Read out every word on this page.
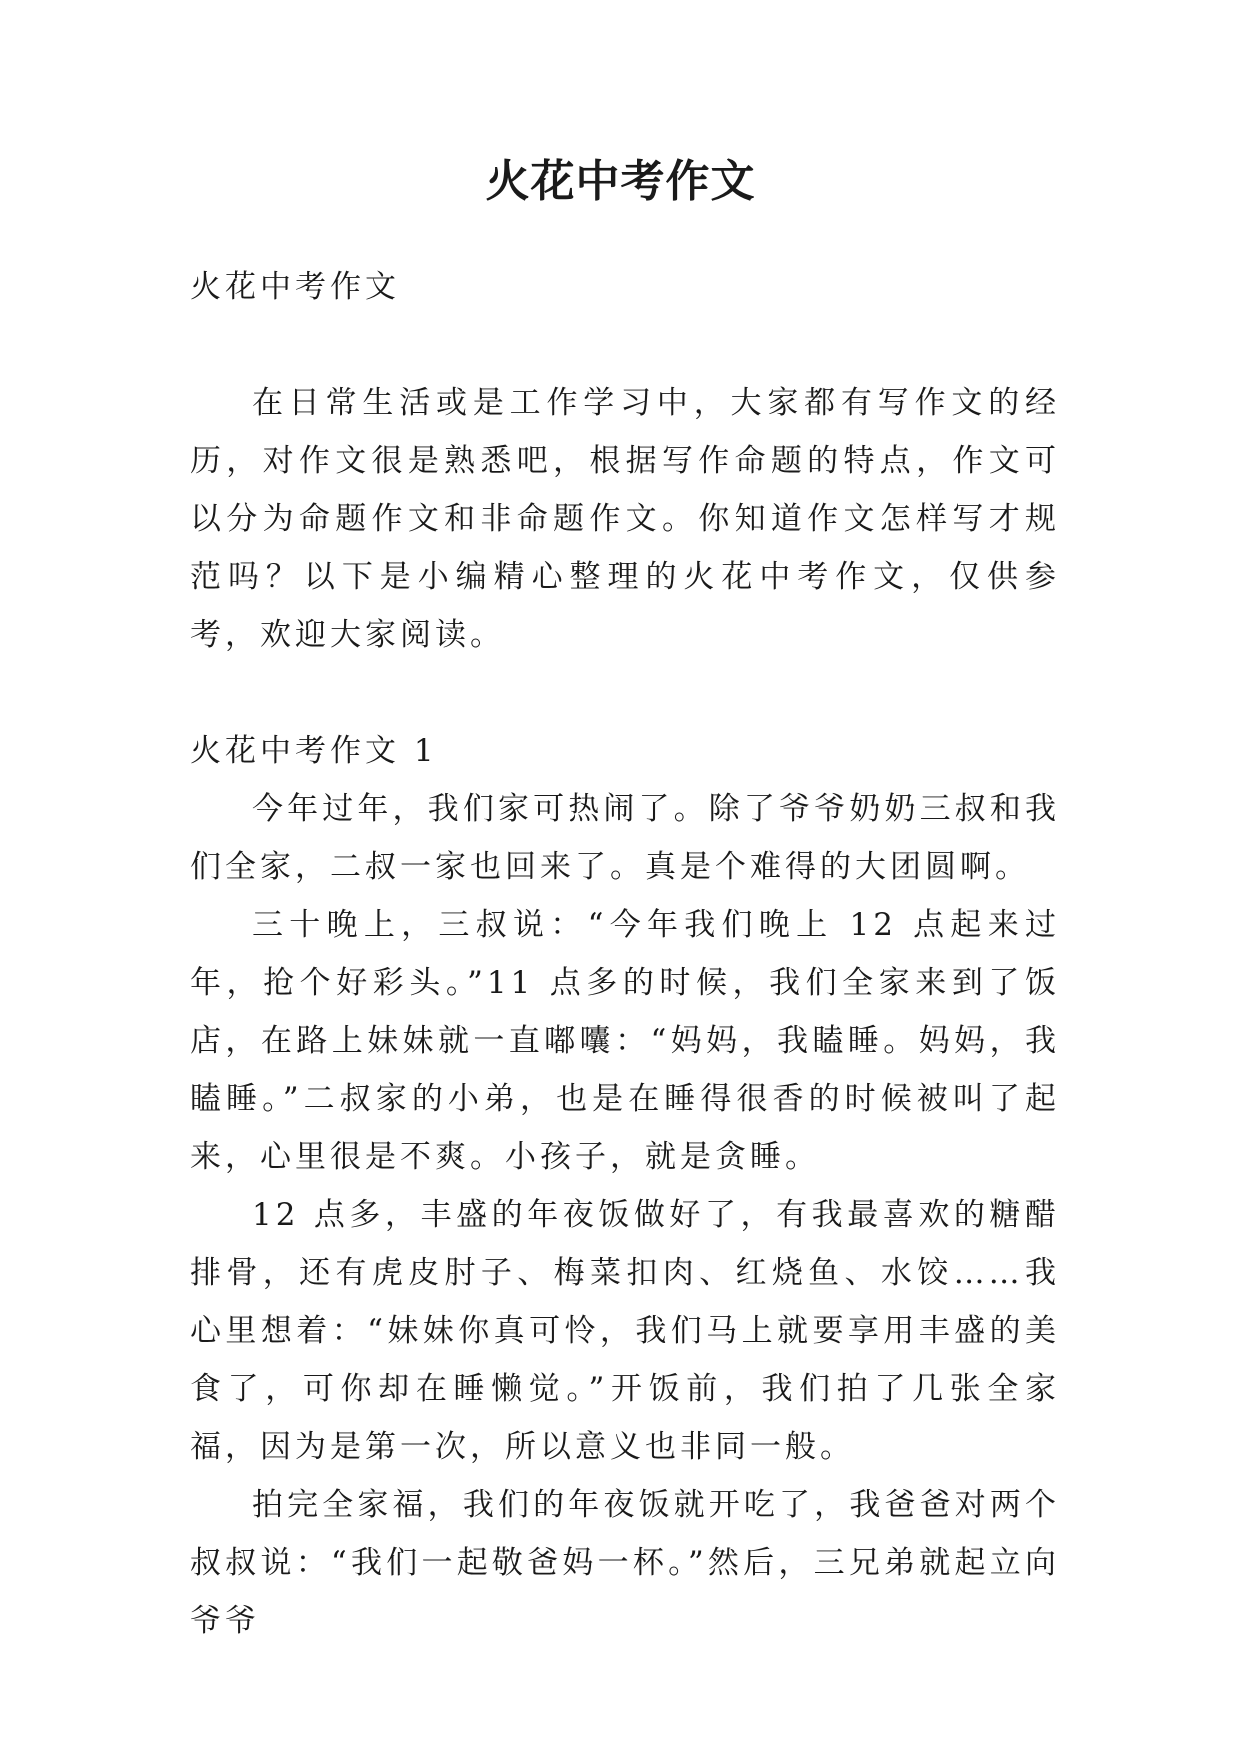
火花中考作文

火花中考作文

在日常生活或是工作学习中，大家都有写作文的经历，对作文很是熟悉吧，根据写作命题的特点，作文可以分为命题作文和非命题作文。你知道作文怎样写才规范吗？以下是小编精心整理的火花中考作文，仅供参考，欢迎大家阅读。

火花中考作文 1

今年过年，我们家可热闹了。除了爷爷奶奶三叔和我们全家，二叔一家也回来了。真是个难得的大团圆啊。

三十晚上，三叔说：“今年我们晚上 12 点起来过年，抢个好彩头。”11 点多的时候，我们全家来到了饭店，在路上妹妹就一直嘟囔：“妈妈，我瞌睡。妈妈，我瞌睡。”二叔家的小弟，也是在睡得很香的时候被叫了起来，心里很是不爽。小孩子，就是贪睡。

12 点多，丰盛的年夜饭做好了，有我最喜欢的糖醋排骨，还有虎皮肘子、梅菜扣肉、红烧鱼、水饺……我心里想着：“妹妹你真可怜，我们马上就要享用丰盛的美食了，可你却在睡懒觉。”开饭前，我们拍了几张全家福，因为是第一次，所以意义也非同一般。

拍完全家福，我们的年夜饭就开吃了，我爸爸对两个叔叔说：“我们一起敬爸妈一杯。”然后，三兄弟就起立向爷爷
